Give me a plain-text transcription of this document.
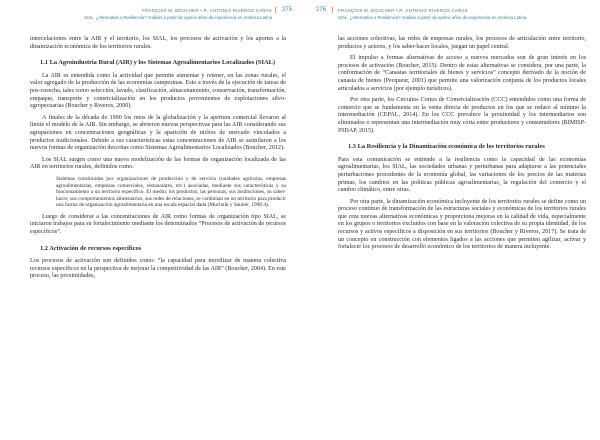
FRANÇOIS M. BOUCHER • R. ANTONIO RIVEROS CAÑAS
SIAL. ¿Alternativa o Resiliencia? Análisis a partir de quince años de experiencia en América Latina
275

intercelaciones entre la AIR y el territorio, los SIAL, los procesos de activación y los aportes a la dinamización económica de los territorios rurales.

1.1 La Agroindustria Rural (AIR) y los Sistemas Agroalimentarios Localizados (SIAL)

La AIR es entendida como la actividad que permite aumentar y retener, en las zonas rurales, el valor agregado de la producción de las economías campesinas. Esto a través de la ejecución de tareas de pos-cosecha, tales como selección, lavado, clasificación, almacenamiento, conservación, transformación, empaque, transporte y comercialización en los productos provenientes de explotaciones silvo-agropecuarias (Boucher y Riveros, 2000).

A finales de la década de 1990 los retos de la globalización y la apertura comercial llevaron al límite el modelo de la AIR. Sin embargo, se abrieron nuevas perspectivas para las AIR considerando sus agrupaciones en concentraciones geográficas y la aparición de nichos de mercado vinculados a productos tradicionales. Debido a sus características estas concentraciones de AIR se asimilaron a los nuevos formas de organización descritas como Sistemas Agroalimentarios Localizados (Boucher, 2012).

Los SIAL surgen como una nueva modelización de las formas de organización localizada de las AIR en territorios rurales, definidos como:

Sistemas constituidos por organizaciones de producción y de servicio (unidades agrícolas, empresas agroalimentarias, empresas comerciales, restaurantes, etc.) asociadas, mediante sus características y su funcionamiento a un territorio específico. El medio, los productos, las personas, sus instituciones, su saber-hacer, sus comportamientos alimentarios, sus redes de relaciones, se combinan en un territorio para producir una forma de organización agroalimentaria en una escala espacial dada (Muchnik y Sautier, 1998:4).

Luego de considerar a las concentraciones de AIR como formas de organización tipo SIAL, se iniciaron trabajos para su fortalecimiento mediante los denominados “Procesos de activación de recursos específicos”.

1.2 Activación de recursos específicos

Los procesos de activación son definidos como: “la capacidad para movilizar de manera colectiva recursos específicos en la perspectiva de mejorar la competitividad de las AIR” (Boucher, 2004). En este proceso, las proximidades,

276	FRANÇOIS M. BOUCHER • R. ANTONIO RIVEROS CAÑAS
SIAL. ¿Alternativa o Resiliencia? Análisis a partir de quince años de experiencia en América Latina

las acciones colectivas, las redes de empresas rurales, los procesos de articulación entre territorio, productos y actores, y los saber-hacer locales, juegan un papel central.

El impulso a formas alternativas de acceso a nuevos mercados son de gran interés en los procesos de activación (Boucher, 2015). Dentro de estas alternativas se considera, por una parte, la conformación de “Canastas territoriales de bienes y servicios” concepto derivado de la noción de canasta de bienes (Pecqueur, 2001) que permite una valorización conjunta de los productos locales articulados a servicios (por ejemplo turísticos).

Por otra parte, los Circuitos Cortos de Comercialización (CCC) entendidos como una forma de comercio que se fundamenta en la venta directa de productos en los que se reduce al mínimo la intermediación (CEPAL, 2014). En los CCC prevalece la proximidad y los intermediarios son eliminados o representan una intermediación muy corta entre productores y consumidores (RIMISP-INDAP, 2015).

1.3 La Resiliencia y la Dinamización económica de los territorios rurales

Para esta comunicación se entiende a la resiliencia como la capacidad de las economías agroalimentarias, los SIAL, las sociedades urbanas y periurbanas para adaptarse a las potenciales perturbaciones procedentes de la economía global, las variaciones de los precios de las materias primas, los cambios en las políticas públicas agroalimentarias, la regulación del comercio y el cambio climático, entre otras.

Por otra parte, la dinamización económica incluyente de los territorios rurales se define como un proceso continuo de transformación de las estructuras sociales y económicas de los territorios rurales que crea nuevas alternativas económicas y proporciona mejoras en la calidad de vida, especialmente en los grupos o territorios excluidos con base en la valoración colectiva de su propia identidad, de los recursos y activos específicos a disposición en sus territorios (Boucher y Riveros, 2017). Se trata de un concepto en construcción con elementos ligados a las acciones que permiten agilizar, activar y fortalecer los procesos de desarrollo económico de los territorios de manera incluyente.
